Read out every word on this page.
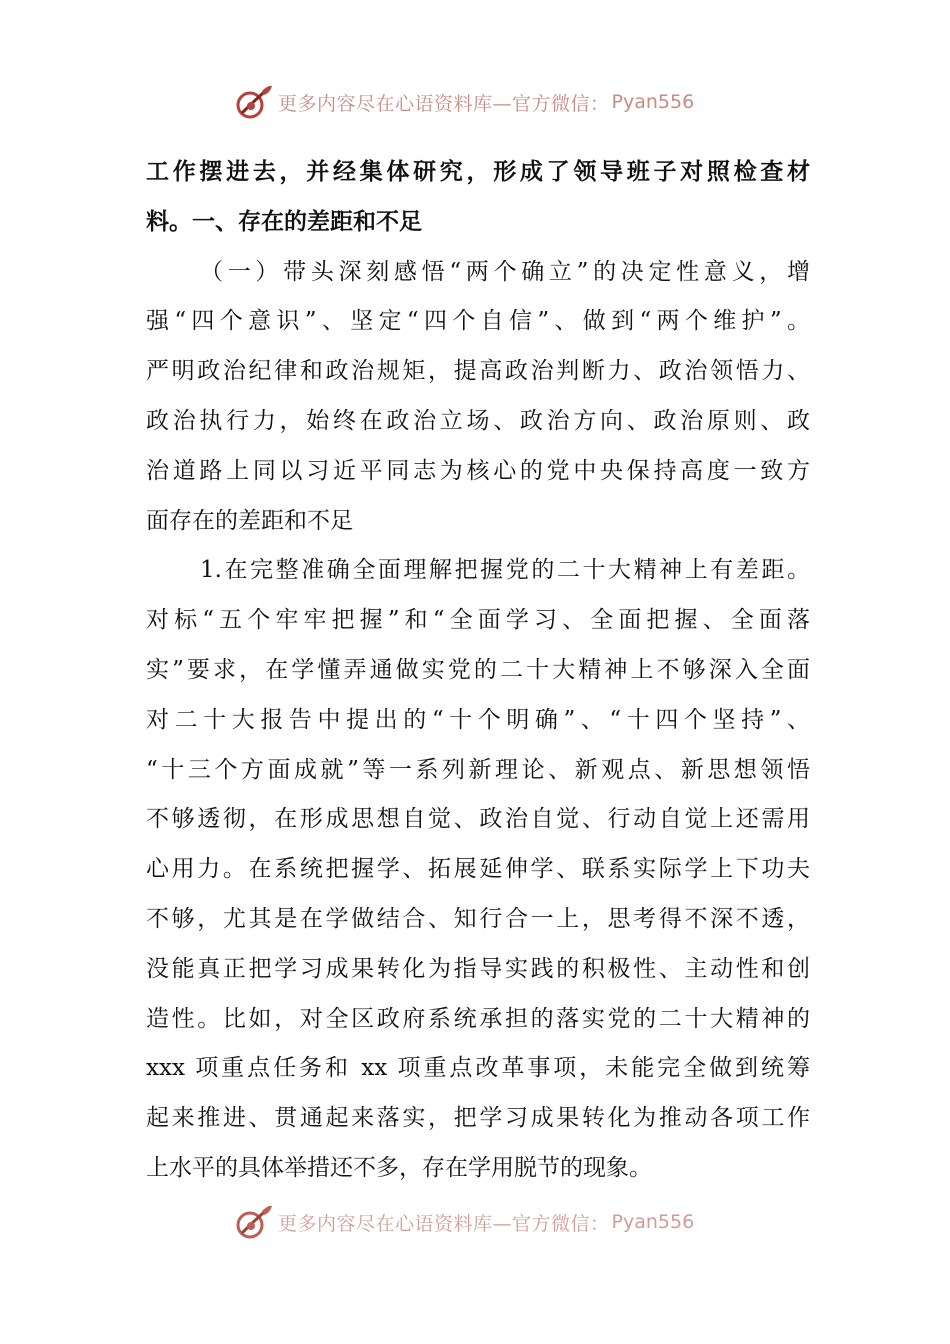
更多内容尽在心语资料库—官方微信： Pyan556
工作摆进去，并经集体研究，形成了领导班子对照检查材
料。一、存在的差距和不足
（一）带头深刻感悟“两个确立”的决定性意义，增
强“四个意识”、坚定“四个自信”、做到“两个维护”。
严明政治纪律和政治规矩，提高政治判断力、政治领悟力、
政治执行力，始终在政治立场、政治方向、政治原则、政
治道路上同以习近平同志为核心的党中央保持高度一致方
面存在的差距和不足
1.在完整准确全面理解把握党的二十大精神上有差距。
对标“五个牢牢把握”和“全面学习、全面把握、全面落
实”要求，在学懂弄通做实党的二十大精神上不够深入全面
对二十大报告中提出的“十个明确”、“十四个坚持”、
“十三个方面成就”等一系列新理论、新观点、新思想领悟
不够透彻，在形成思想自觉、政治自觉、行动自觉上还需用
心用力。在系统把握学、拓展延伸学、联系实际学上下功夫
不够，尤其是在学做结合、知行合一上，思考得不深不透，
没能真正把学习成果转化为指导实践的积极性、主动性和创
造性。比如，对全区政府系统承担的落实党的二十大精神的
xxx 项重点任务和 xx 项重点改革事项，未能完全做到统筹
起来推进、贯通起来落实，把学习成果转化为推动各项工作
上水平的具体举措还不多，存在学用脱节的现象。
更多内容尽在心语资料库—官方微信： Pyan556
